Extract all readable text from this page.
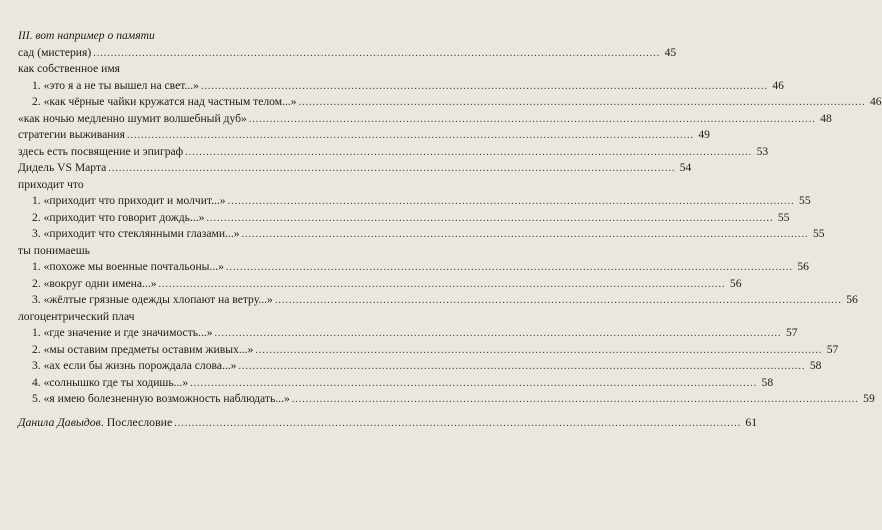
III. вот например о памяти
сад (мистерия) .....	45
как собственное имя
1. «это я а не ты вышел на свет...» .....	46
2. «как чёрные чайки кружатся над частным телом...» .....	46
«как ночью медленно шумит волшебный дуб» .....	48
стратегии выживания .....	49
здесь есть посвящение и эпиграф .....	53
Дидель VS Марта .....	54
приходит что
1. «приходит что приходит и молчит...» .....	55
2. «приходит что говорит дождь...» .....	55
3. «приходит что стеклянными глазами...» .....	55
ты понимаешь
1. «похоже мы военные почтальоны...» .....	56
2. «вокруг одни имена...» .....	56
3. «жёлтые грязные одежды хлопают на ветру...» .....	56
логоцентрический плач
1. «где значение и где значимость...» .....	57
2. «мы оставим предметы оставим живых...» .....	57
3. «ах если бы жизнь порождала слова...» .....	58
4. «солнышко где ты ходишь...» .....	58
5. «я имею болезненную возможность наблюдать...» .....	59
Данила Давыдов. Послесловие .....	61
